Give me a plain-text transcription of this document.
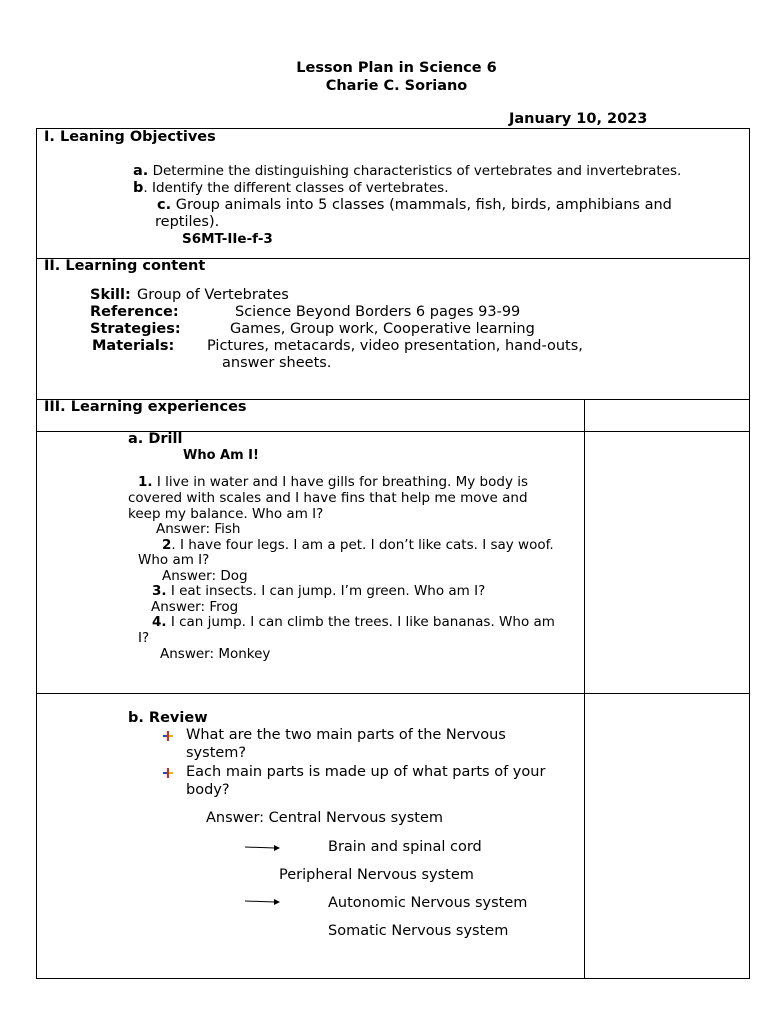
Lesson Plan in Science 6
Charie C. Soriano
January 10, 2023
I. Leaning Objectives
a. Determine the distinguishing characteristics of vertebrates and invertebrates.
b. Identify the different classes of vertebrates.
c. Group animals into 5 classes (mammals, fish, birds, amphibians and
reptiles).
S6MT-IIe-f-3
II. Learning content
Skill: Group of Vertebrates
Reference:	Science Beyond Borders 6 pages 93-99
Strategies:	Games, Group work, Cooperative learning
Materials: Pictures, metacards, video presentation, hand-outs,
answer sheets.
III. Learning experiences
a. Drill
Who Am I!
1. I live in water and I have gills for breathing. My body is
covered with scales and I have fins that help me move and
keep my balance. Who am I?
Answer: Fish
2. I have four legs. I am a pet. I don’t like cats. I say woof.
Who am I?
Answer: Dog
3. I eat insects. I can jump. I’m green. Who am I?
Answer: Frog
4. I can jump. I can climb the trees. I like bananas. Who am
I?
Answer: Monkey
b. Review
What are the two main parts of the Nervous
system?
Each main parts is made up of what parts of your
body?
Answer: Central Nervous system
Brain and spinal cord
Peripheral Nervous system
Autonomic Nervous system
Somatic Nervous system
